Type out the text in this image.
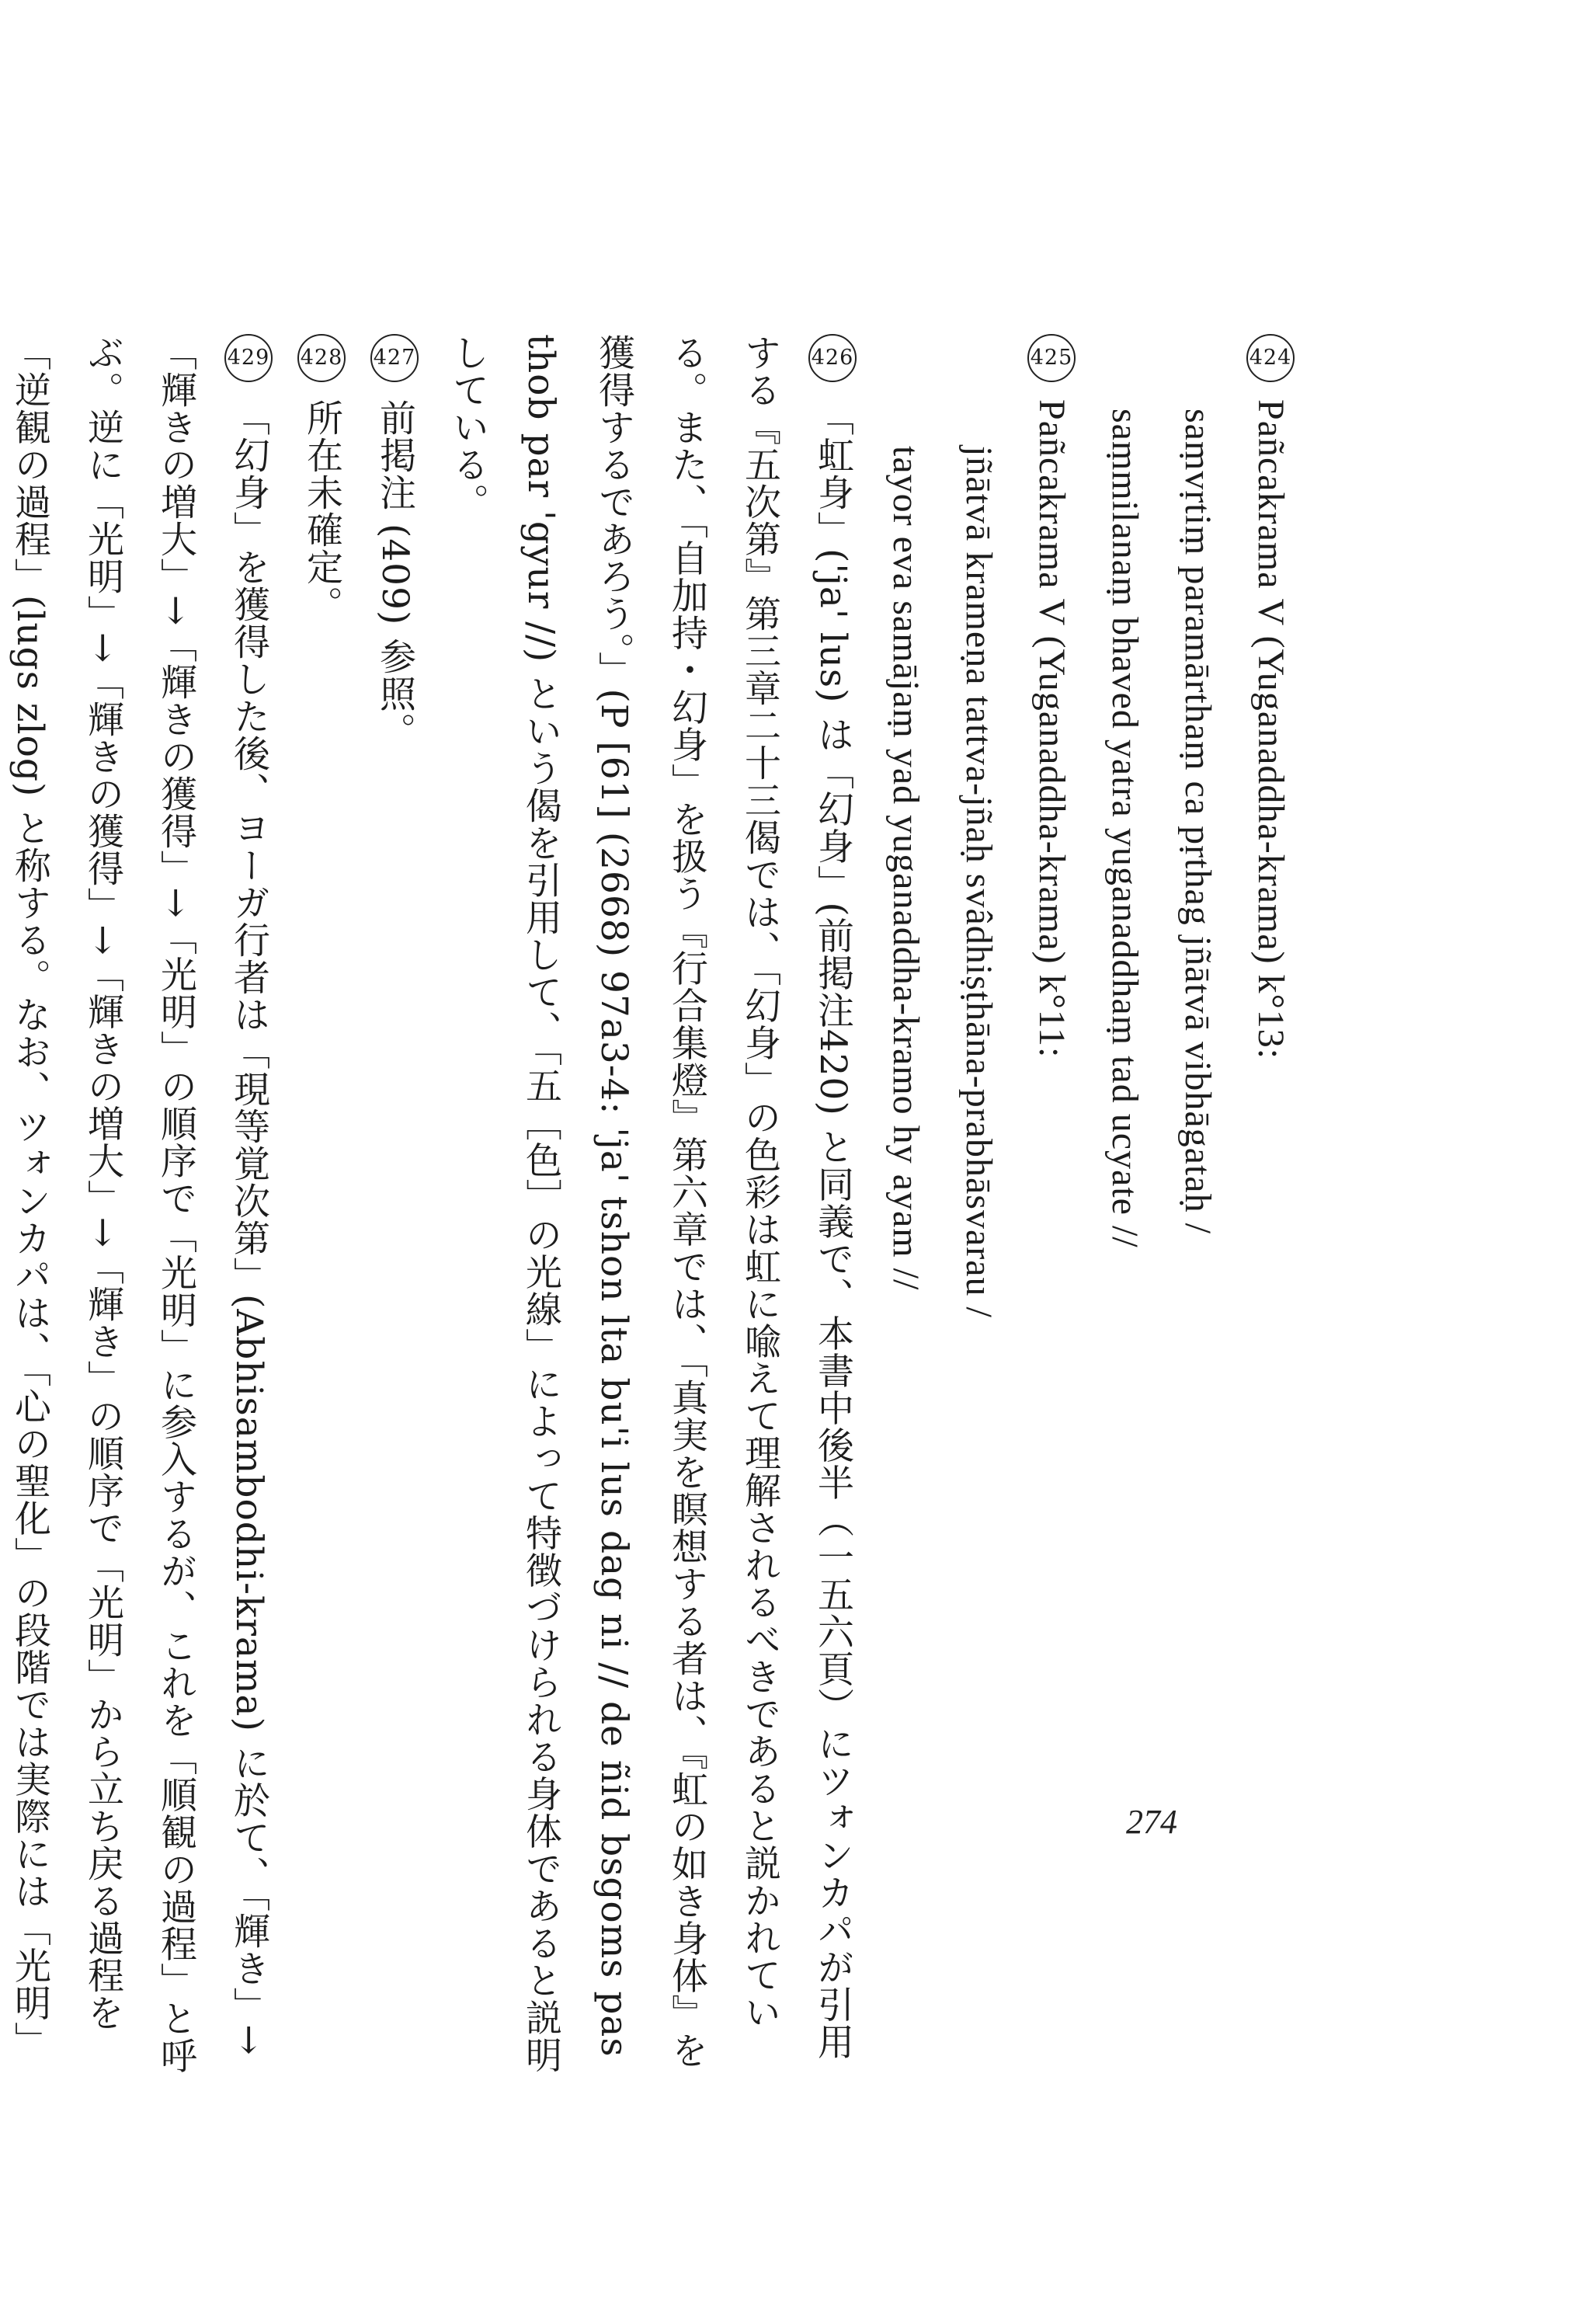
424Pañcakrama V (Yuganaddha-krama) k°13:
saṃvṛtiṃ paramārthaṃ ca pṛthag jñātvā vibhāgataḥ /
saṃmilanaṃ bhaved yatra yuganaddhaṃ tad ucyate //
425Pañcakrama V (Yuganaddha-krama) k°11:
jñātvā krameṇa tattva-jñaḥ svâdhiṣṭhāna-prabhāsvarau /
tayor eva samājaṃ yad yuganaddha-kramo hy ayam //
426「虹身」('ja' lus) は「幻身」(前掲注420) と同義で、本書中後半（一五六頁）にツォンカパが引用する『五次第』第三章二十三偈では、「幻身」の色彩は虹に喩えて理解されるべきであると説かれている。また、「自加持・幻身」を扱う『行合集燈』第六章では、「真実を瞑想する者は、『虹の如き身体』を獲得するであろう。」(P [61] (2668) 97a3-4: 'ja' tshon lta bu'i lus dag ni // de ñid bsgoms pas thob par 'gyur //) という偈を引用して、「五［色］の光線」によって特徴づけられる身体であると説明している。
427前掲注 (409) 参照。
428所在未確定。
429「幻身」を獲得した後、ヨーガ行者は「現等覚次第」(Abhisambodhi-krama) に於て、「輝き」→「輝きの増大」→「輝きの獲得」→「光明」の順序で「光明」に参入するが、これを「順観の過程」と呼ぶ。逆に「光明」→「輝きの獲得」→「輝きの増大」→「輝き」の順序で「光明」から立ち戻る過程を「逆観の過程」(lugs zlog) と称する。なお、ツォンカパは、「心の聖化」の段階では実際には「光明」
274
